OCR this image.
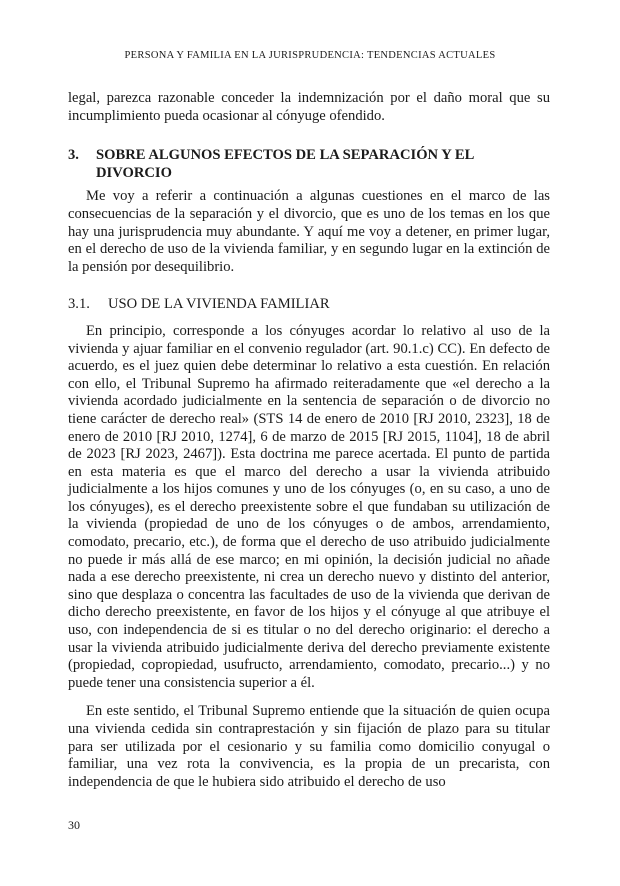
PERSONA Y FAMILIA EN LA JURISPRUDENCIA: TENDENCIAS ACTUALES

legal, parezca razonable conceder la indemnización por el daño moral que su incumplimiento pueda ocasionar al cónyuge ofendido.

3.	SOBRE ALGUNOS EFECTOS DE LA SEPARACIÓN Y EL DIVORCIO

Me voy a referir a continuación a algunas cuestiones en el marco de las consecuencias de la separación y el divorcio, que es uno de los temas en los que hay una jurisprudencia muy abundante. Y aquí me voy a detener, en primer lugar, en el derecho de uso de la vivienda familiar, y en segundo lugar en la extinción de la pensión por desequilibrio.

3.1.	USO DE LA VIVIENDA FAMILIAR

En principio, corresponde a los cónyuges acordar lo relativo al uso de la vivienda y ajuar familiar en el convenio regulador (art. 90.1.c) CC). En defecto de acuerdo, es el juez quien debe determinar lo relativo a esta cuestión. En relación con ello, el Tribunal Supremo ha afirmado reiteradamente que «el derecho a la vivienda acordado judicialmente en la sentencia de separación o de divorcio no tiene carácter de derecho real» (STS 14 de enero de 2010 [RJ 2010, 2323], 18 de enero de 2010 [RJ 2010, 1274], 6 de marzo de 2015 [RJ 2015, 1104], 18 de abril de 2023 [RJ 2023, 2467]). Esta doctrina me parece acertada. El punto de partida en esta materia es que el marco del derecho a usar la vivienda atribuido judicialmente a los hijos comunes y uno de los cónyuges (o, en su caso, a uno de los cónyuges), es el derecho preexistente sobre el que fundaban su utilización de la vivienda (propiedad de uno de los cónyuges o de ambos, arrendamiento, comodato, precario, etc.), de forma que el derecho de uso atribuido judicialmente no puede ir más allá de ese marco; en mi opinión, la decisión judicial no añade nada a ese derecho preexistente, ni crea un derecho nuevo y distinto del anterior, sino que desplaza o concentra las facultades de uso de la vivienda que derivan de dicho derecho preexistente, en favor de los hijos y el cónyuge al que atribuye el uso, con independencia de si es titular o no del derecho originario: el derecho a usar la vivienda atribuido judicialmente deriva del derecho previamente existente (propiedad, copropiedad, usufructo, arrendamiento, comodato, precario...) y no puede tener una consistencia superior a él.

En este sentido, el Tribunal Supremo entiende que la situación de quien ocupa una vivienda cedida sin contraprestación y sin fijación de plazo para su titular para ser utilizada por el cesionario y su familia como domicilio conyugal o familiar, una vez rota la convivencia, es la propia de un precarista, con independencia de que le hubiera sido atribuido el derecho de uso

30
